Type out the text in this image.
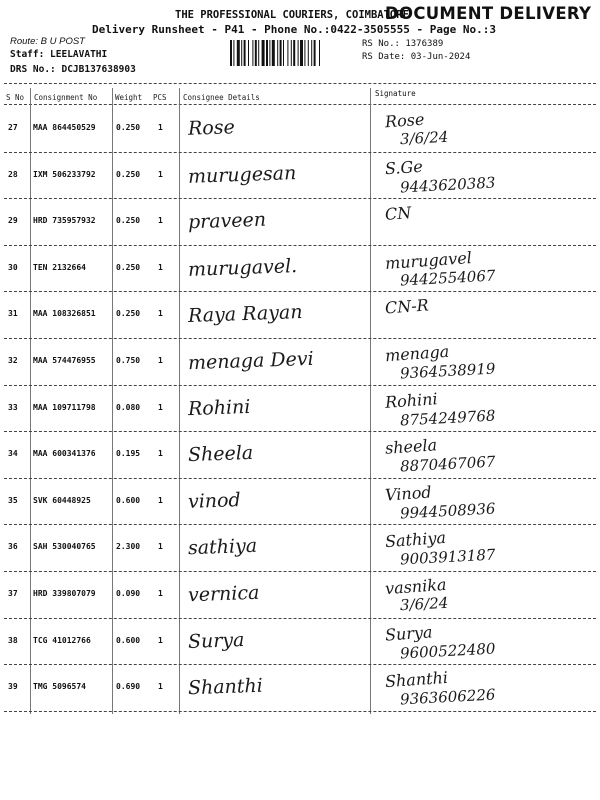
THE PROFESSIONAL COURIERS, COIMBATORE
DOCUMENT DELIVERY
Delivery Runsheet - P41 - Phone No.:0422-3505555 - Page No.:3
Route: B U POST
Staff: LEELAVATHI
DRS No.: DCJB137638903
RS No.: 1376389
RS Date: 03-Jun-2024
S No Consignment No Weight PCS Consignee Details	Signature
27 MAA 864450529	0.250 1 Rose	Rose
3/6/24
28 IXM 506233792	0.250 1 murugesan	S.Ge
9443620383
29 HRD 735957932	0.250 1 praveen	CN
30 TEN 2132664	0.250 1 murugavel.	murugavel
9442554067
31 MAA 108326851	0.250 1 Raya Rayan	CN-R
32 MAA 574476955	0.750 1 menaga Devi	menaga
9364538919
33 MAA 109711798	0.080 1 Rohini	Rohini
8754249768
34 MAA 600341376	0.195 1 Sheela	sheela
8870467067
35 SVK 60448925	0.600 1 vinod	Vinod
9944508936
36 SAH 530040765	2.300 1 sathiya	Sathiya
9003913187
37 HRD 339807079	0.090 1 vernica	vasnika
3/6/24
38 TCG 41012766	0.600 1 Surya	Surya
9600522480
39 TMG 5096574	0.690 1 Shanthi	Shanthi
9363606226
